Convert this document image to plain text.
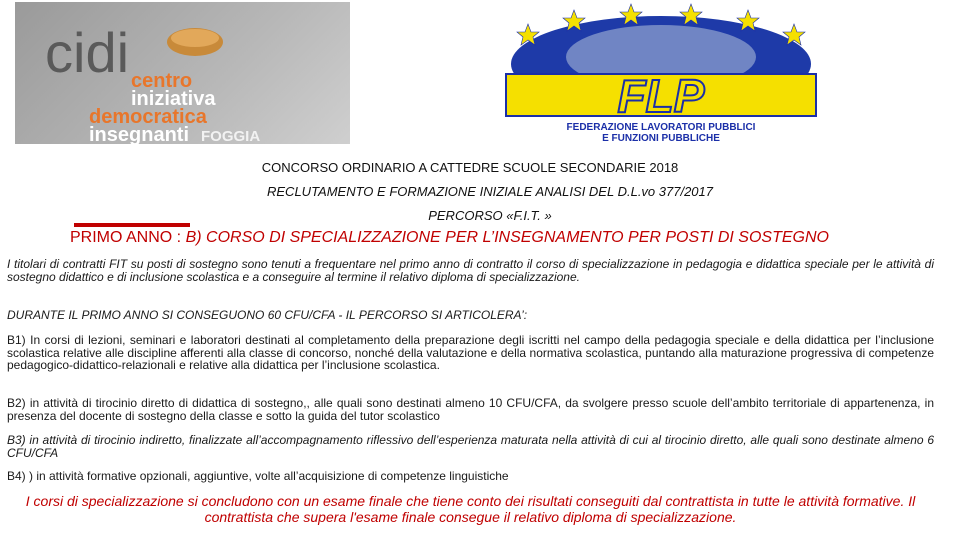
cidi centro
iniziativa
democratica
insegnanti FOGGIA
FLP
FEDERAZIONE LAVORATORI PUBBLICI
E FUNZIONI PUBBLICHE
CONCORSO ORDINARIO A CATTEDRE SCUOLE SECONDARIE 2018
RECLUTAMENTO E FORMAZIONE INIZIALE ANALISI DEL D.L.vo 377/2017
PERCORSO «F.I.T. »
PRIMO ANNO : B) CORSO DI SPECIALIZZAZIONE PER L’INSEGNAMENTO PER POSTI DI SOSTEGNO
I titolari di contratti FIT su posti di sostegno sono tenuti a frequentare nel primo anno di contratto il corso di specializzazione in pedagogia e didattica speciale per le attività di sostegno didattico e di inclusione scolastica e a conseguire al termine il relativo diploma di specializzazione.
DURANTE IL PRIMO ANNO SI CONSEGUONO 60 CFU/CFA - IL PERCORSO SI ARTICOLERA’:
B1) In corsi di lezioni, seminari e laboratori destinati al completamento della preparazione degli iscritti nel campo della pedagogia speciale e della didattica per l’inclusione scolastica relative alle discipline afferenti alla classe di concorso, nonché della valutazione e della normativa scolastica, puntando alla maturazione progressiva di competenze pedagogico-didattico-relazionali e relative alla didattica per l’inclusione scolastica.
B2) in attività di tirocinio diretto di didattica di sostegno,, alle quali sono destinati almeno 10 CFU/CFA, da svolgere presso scuole dell’ambito territoriale di appartenenza, in presenza del docente di sostegno della classe e sotto la guida del tutor scolastico
B3) in attività di tirocinio indiretto, finalizzate all’accompagnamento riflessivo dell’esperienza maturata nella attività di cui al tirocinio diretto, alle quali sono destinate almeno 6 CFU/CFA
B4) ) in attività formative opzionali, aggiuntive, volte all’acquisizione di competenze linguistiche
I corsi di specializzazione si concludono con un esame finale che tiene conto dei risultati conseguiti dal contrattista in tutte le attività formative. Il contrattista che supera l'esame finale consegue il relativo diploma di specializzazione.
